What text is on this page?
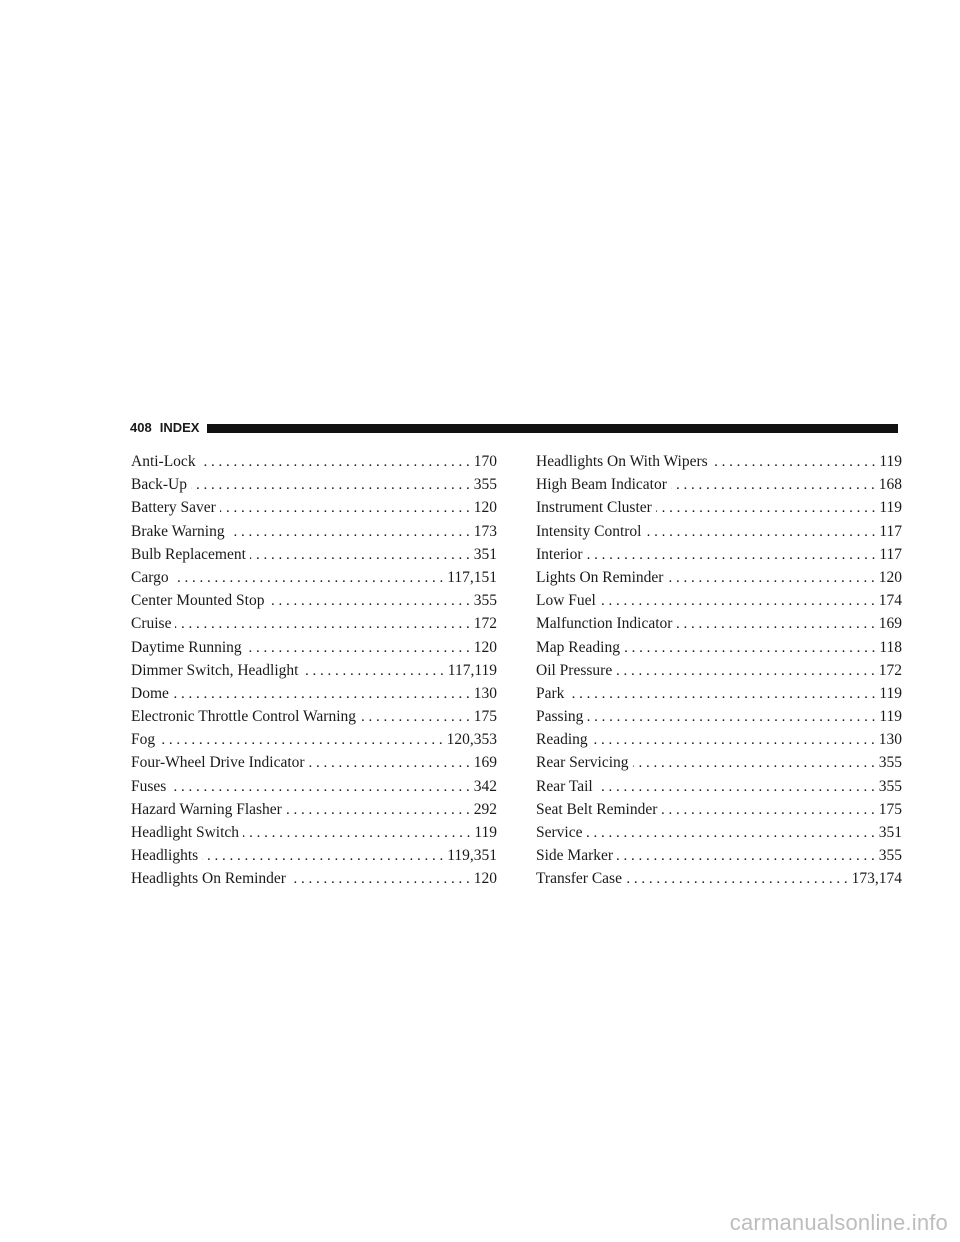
408 INDEX
Anti-Lock . . .	170
Back-Up . . .	355
Battery Saver . . .	120
Brake Warning . . .	173
Bulb Replacement . . .	351
Cargo . . .	117,151
Center Mounted Stop . . .	355
Cruise . . .	172
Daytime Running . . .	120
Dimmer Switch, Headlight . . .	117,119
Dome . . .	130
Electronic Throttle Control Warning . . .	175
Fog . . .	120,353
Four-Wheel Drive Indicator . . .	169
Fuses . . .	342
Hazard Warning Flasher . . .	292
Headlight Switch . . .	119
Headlights . . .	119,351
Headlights On Reminder . . .	120
Headlights On With Wipers . . .	119
High Beam Indicator . . .	168
Instrument Cluster . . .	119
Intensity Control . . .	117
Interior . . .	117
Lights On Reminder . . .	120
Low Fuel . . .	174
Malfunction Indicator . . .	169
Map Reading . . .	118
Oil Pressure . . .	172
Park . . .	119
Passing . . .	119
Reading . . .	130
Rear Servicing . . .	355
Rear Tail . . .	355
Seat Belt Reminder . . .	175
Service . . .	351
Side Marker . . .	355
Transfer Case . . .	173,174
carmanualsonline.info
